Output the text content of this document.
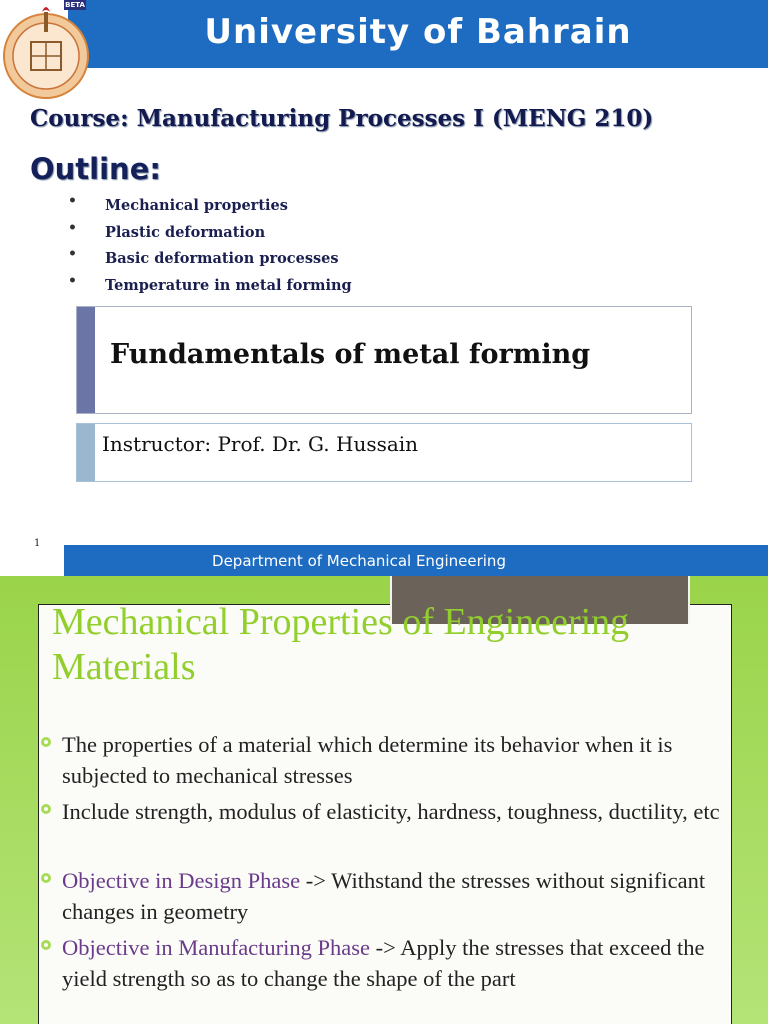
University of Bahrain
BETA
Course: Manufacturing Processes I (MENG 210)
Outline:
• Mechanical properties
• Plastic deformation
• Basic deformation processes
• Temperature in metal forming
Fundamentals of metal forming
Instructor: Prof. Dr. G. Hussain
1
Department of Mechanical Engineering
Mechanical Properties of Engineering Materials
The properties of a material which determine its behavior when it is subjected to mechanical stresses
Include strength, modulus of elasticity, hardness, toughness, ductility, etc
Objective in Design Phase -> Withstand the stresses without significant changes in geometry
Objective in Manufacturing Phase -> Apply the stresses that exceed the yield strength so as to change the shape of the part
